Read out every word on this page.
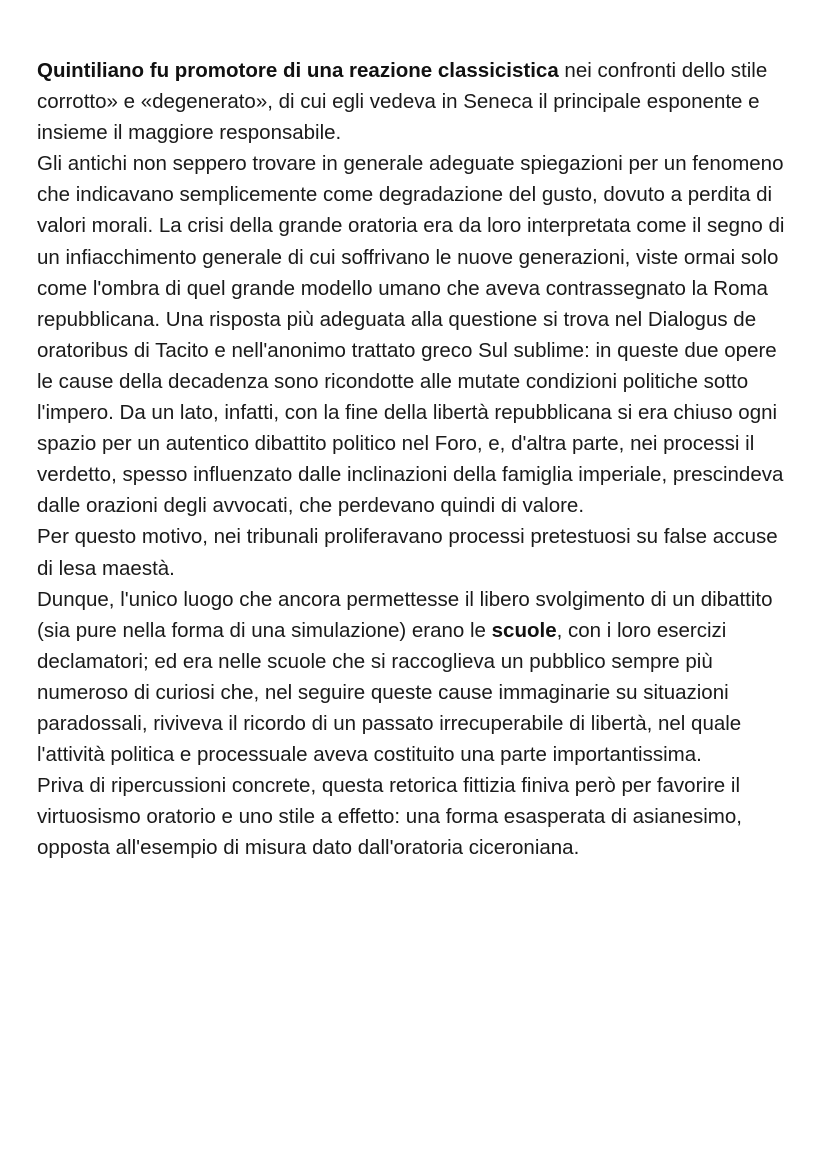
Quintiliano fu promotore di una reazione classicistica nei confronti dello stile corrotto» e «degenerato», di cui egli vedeva in Seneca il principale esponente e insieme il maggiore responsabile.

Gli antichi non seppero trovare in generale adeguate spiegazioni per un fenomeno che indicavano semplicemente come degradazione del gusto, dovuto a perdita di valori morali. La crisi della grande oratoria era da loro interpretata come il segno di un infiacchimento generale di cui soffrivano le nuove generazioni, viste ormai solo come l'ombra di quel grande modello umano che aveva contrassegnato la Roma repubblicana. Una risposta più adeguata alla questione si trova nel Dialogus de oratoribus di Tacito e nell'anonimo trattato greco Sul sublime: in queste due opere le cause della decadenza sono ricondotte alle mutate condizioni politiche sotto l'impero. Da un lato, infatti, con la fine della libertà repubblicana si era chiuso ogni spazio per un autentico dibattito politico nel Foro, e, d'altra parte, nei processi il verdetto, spesso influenzato dalle inclinazioni della famiglia imperiale, prescindeva dalle orazioni degli avvocati, che perdevano quindi di valore.

Per questo motivo, nei tribunali proliferavano processi pretestuosi su false accuse di lesa maestà.

Dunque, l'unico luogo che ancora permettesse il libero svolgimento di un dibattito (sia pure nella forma di una simulazione) erano le scuole, con i loro esercizi declamatori; ed era nelle scuole che si raccoglieva un pubblico sempre più numeroso di curiosi che, nel seguire queste cause immaginarie su situazioni paradossali, riviveva il ricordo di un passato irrecuperabile di libertà, nel quale l'attività politica e processuale aveva costituito una parte importantissima.

Priva di ripercussioni concrete, questa retorica fittizia finiva però per favorire il virtuosismo oratorio e uno stile a effetto: una forma esasperata di asianesimo, opposta all'esempio di misura dato dall'oratoria ciceroniana.
